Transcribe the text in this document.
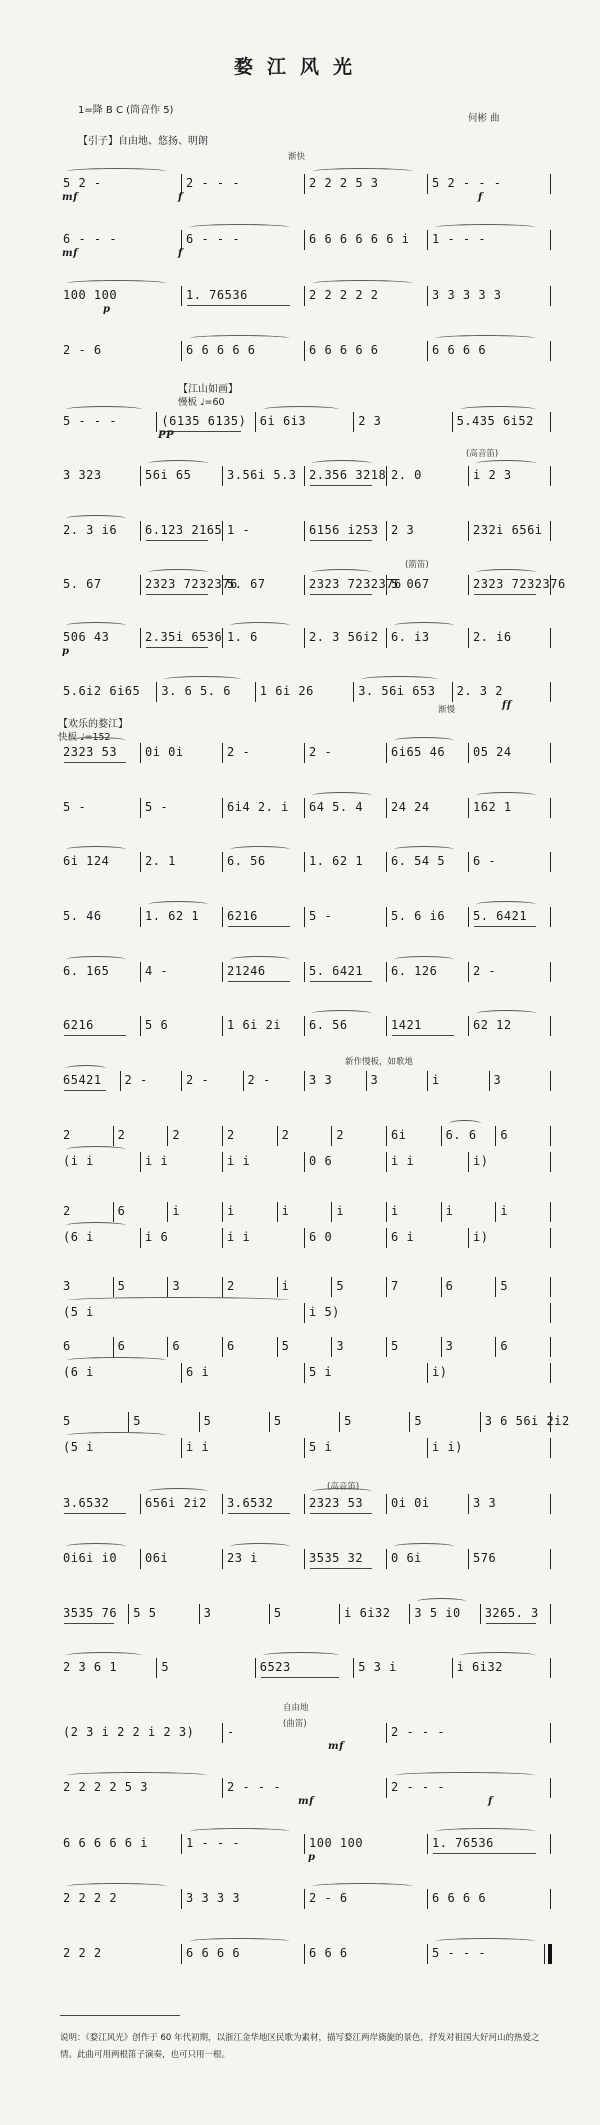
婺江风光
1=降 B C (筒音作 5)
何彬 曲
【引子】自由地、悠扬、明朗
【江山如画】
【欢乐的婺江】
慢板 ♩=60
快板 ♩=152
渐快
(高音笛)
(高音笛)
(箭笛)
渐慢
新作慢板，如歌地
自由地
(曲笛)
5 2 -	2 - - -	2 2 2 5 3	5 2 - - -
mf	f	f
6 - - -	6 - - -	6 6 6 6 6 6 i 1 - - -
mf	f
100 100	1. 76536	2 2 2 2 2	3 3 3 3 3
p
2 - 6	6 6 6 6 6	6 6 6 6 6	6 6 6 6
5 - - -	(6135 6135) 6i 6i3	2 3	5.435 6i52
PP
3 323	56i 65	3.56i 5.3 2.356 3218 2. 0	i 2 3
2. 3 i6 6.123 2165 1 -	6156 i253 2 3	232i 656i
5. 67	2323 7232376
5. 67	2323 7232376
5 067	2323 7232376
506 43	2.35i 6536 1. 6	2. 3 56i2 6. i3	2. i6
p
5.6i2 6i65 3. 6 5. 6 1 6i 26	3. 56i 653 2. 3 2
ff
2323 53 0i 0i	2 -	2 -	6i65 46 05 24
5 -	5 -	6i4 2. i 64 5. 4 24 24	162 1
6i 124	2. 1	6. 56	1. 62 1 6. 54 5 6 -
5. 46	1. 62 1 6216	5 -	5. 6 i6 5. 6421
6. 165	4 -	21246	5. 6421 6. 126	2 -
6216	5 6	1 6i 2i 6. 56	1421	62 12
65421 2 -	2 -	2 -	3 3	3	i	3
2	2	2	2	2	2	6i	6. 6 6
(i i	i i	i i	0 6	i i	i)
2	6	i	i	i	i	i	i	i
(6 i	i 6	i i	6 0	6 i	i)
3	5	3	2	i	5	7	6	5
(5 i	i 5)
6	6	6	6	5	3	5	3	6
(6 i	6 i	5 i	i)
5	5	5	5	5	5	3 6 56i 2i2
(5 i	i i	5 i	i i)
3.6532	656i 2i2 3.6532	2323 53 0i 0i	3 3
0i6i i0 06i	23 i	3535 32 0 6i	576
3535 76 5 5	3	5	i 6i32 3 5 i0 3265. 3
2 3 6 1	5	6523	5 3 i	i 6i32
(2 3 i 2 2 i 2 3)	-	2 - - -
mf
2 2 2 2 5 3	2 - - -	2 - - -
mf	f
6 6 6 6 6 i	1 - - -	100 100	1. 76536
p
2 2 2 2	3 3 3 3	2 - 6	6 6 6 6
2 2 2	6 6 6 6	6 6 6	5 - - -
说明：《婺江风光》创作于 60 年代初期，以浙江金华地区民歌为素材，描写婺江两岸旖旎的景色，抒发对祖国大好河山的热爱之情。此曲可用两根笛子演奏，也可只用一根。
